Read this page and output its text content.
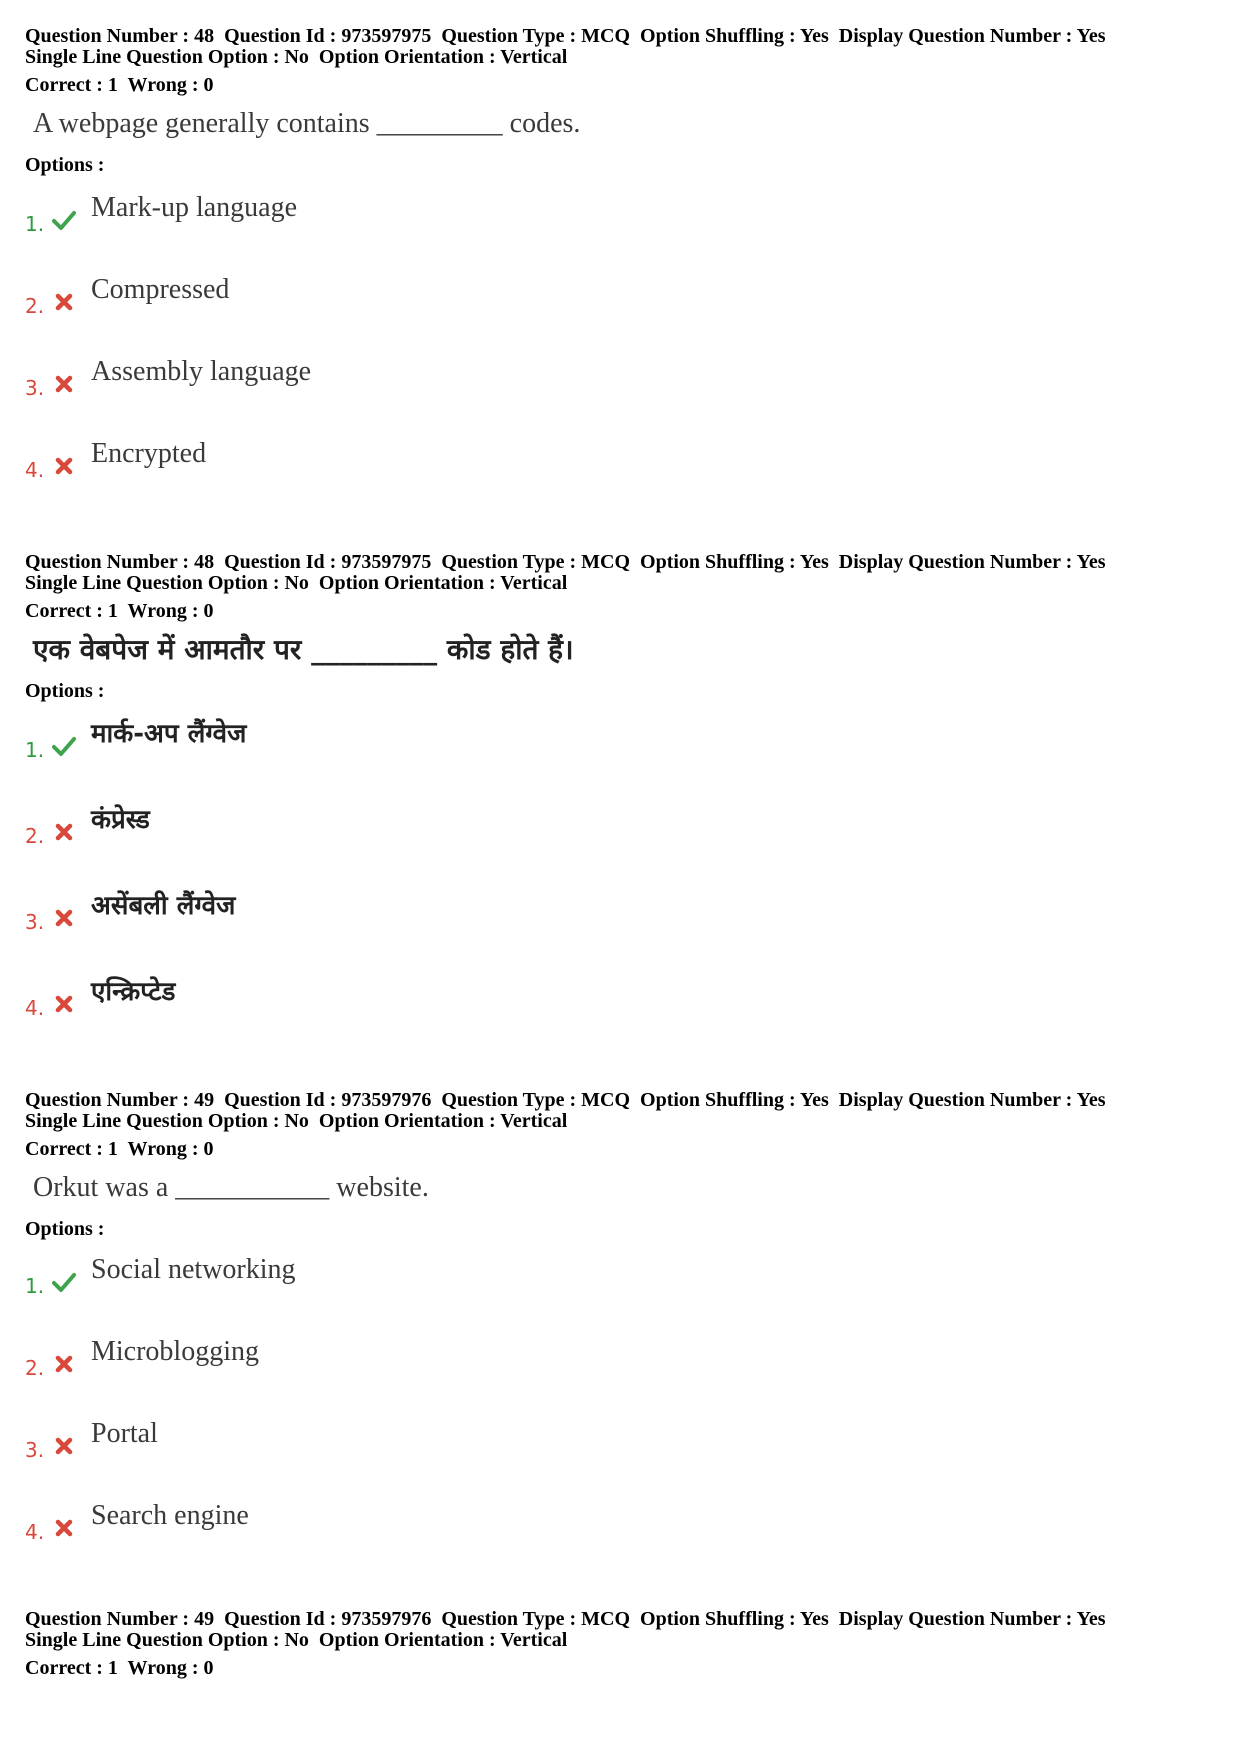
Question Number : 48  Question Id : 973597975  Question Type : MCQ  Option Shuffling : Yes  Display Question Number : Yes
Single Line Question Option : No  Option Orientation : Vertical
Correct : 1  Wrong : 0
A webpage generally contains _________ codes.
Options :
1.
Mark-up language
2.
Compressed
3.
Assembly language
4.
Encrypted
Question Number : 48  Question Id : 973597975  Question Type : MCQ  Option Shuffling : Yes  Display Question Number : Yes
Single Line Question Option : No  Option Orientation : Vertical
Correct : 1  Wrong : 0
एक वेबपेज में आमतौर पर _________ कोड होते हैं।
Options :
1.
मार्क-अप लैंग्वेज
2.
कंप्रेस्ड
3.
असेंबली लैंग्वेज
4.
एन्क्रिप्टेड
Question Number : 49  Question Id : 973597976  Question Type : MCQ  Option Shuffling : Yes  Display Question Number : Yes
Single Line Question Option : No  Option Orientation : Vertical
Correct : 1  Wrong : 0
Orkut was a ___________ website.
Options :
1.
Social networking
2.
Microblogging
3.
Portal
4.
Search engine
Question Number : 49  Question Id : 973597976  Question Type : MCQ  Option Shuffling : Yes  Display Question Number : Yes
Single Line Question Option : No  Option Orientation : Vertical
Correct : 1  Wrong : 0
